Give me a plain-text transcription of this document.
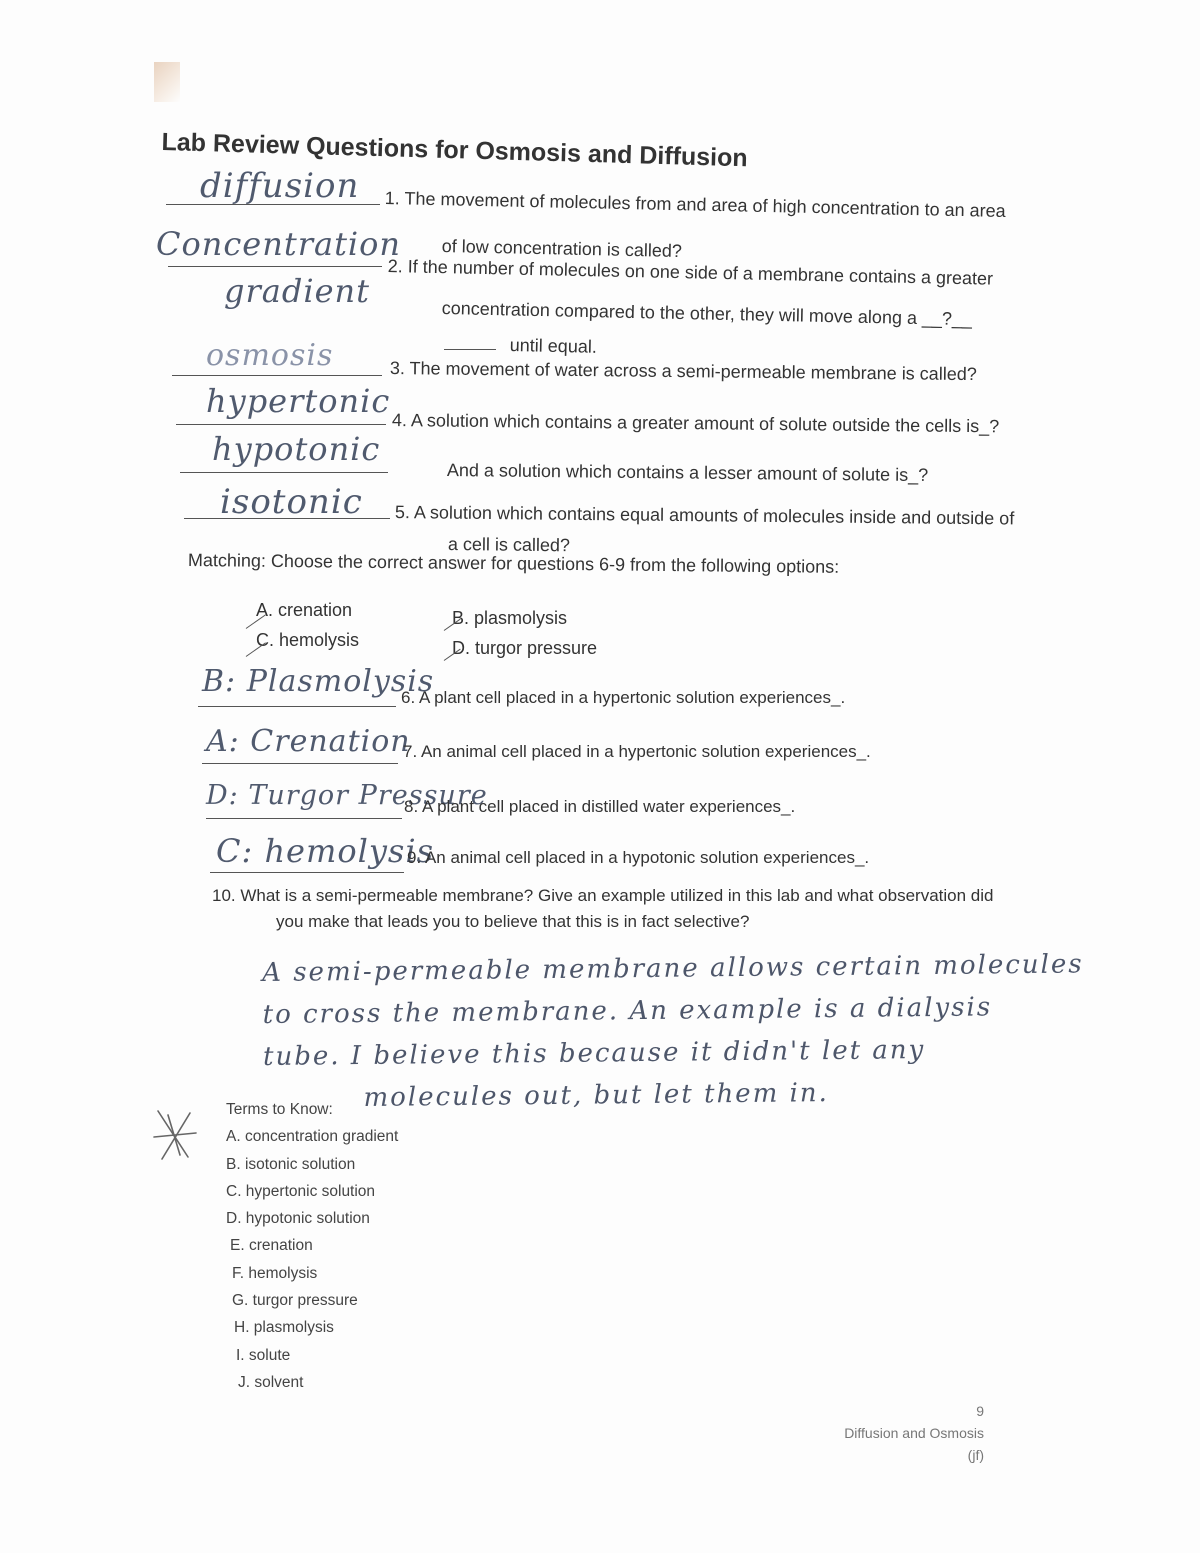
Lab Review Questions for Osmosis and Diffusion
diffusion 1. The movement of molecules from and area of high concentration to an area
of low concentration is called?
Concentration
gradient 2. If the number of molecules on one side of a membrane contains a greater
concentration compared to the other, they will move along a __?__
until equal.
osmosis	3. The movement of water across a semi-permeable membrane is called?
hypertonic
4. A solution which contains a greater amount of solute outside the cells is_?
hypotonic
And a solution which contains a lesser amount of solute is_?
isotonic 5. A solution which contains equal amounts of molecules inside and outside of
a cell is called?
Matching: Choose the correct answer for questions 6-9 from the following options:
A. crenation	B. plasmolysis
C. hemolysis	D. turgor pressure
B: Plasmolysis
6. A plant cell placed in a hypertonic solution experiences_.
A: Crenation
7. An animal cell placed in a hypertonic solution experiences_.
D: Turgor Pressure
8. A plant cell placed in distilled water experiences_.
C: hemolysis
9. An animal cell placed in a hypotonic solution experiences_.
10. What is a semi-permeable membrane? Give an example utilized in this lab and what observation did
you make that leads you to believe that this is in fact selective?
A semi-permeable membrane allows certain molecules
to cross the membrane. An example is a dialysis
tube. I believe this because it didn't let any
molecules out, but let them in.
Terms to Know:
A. concentration gradient
B. isotonic solution
C. hypertonic solution
D. hypotonic solution
E. crenation
F. hemolysis
G. turgor pressure
H. plasmolysis
I. solute
J. solvent
9
Diffusion and Osmosis
(jf)
